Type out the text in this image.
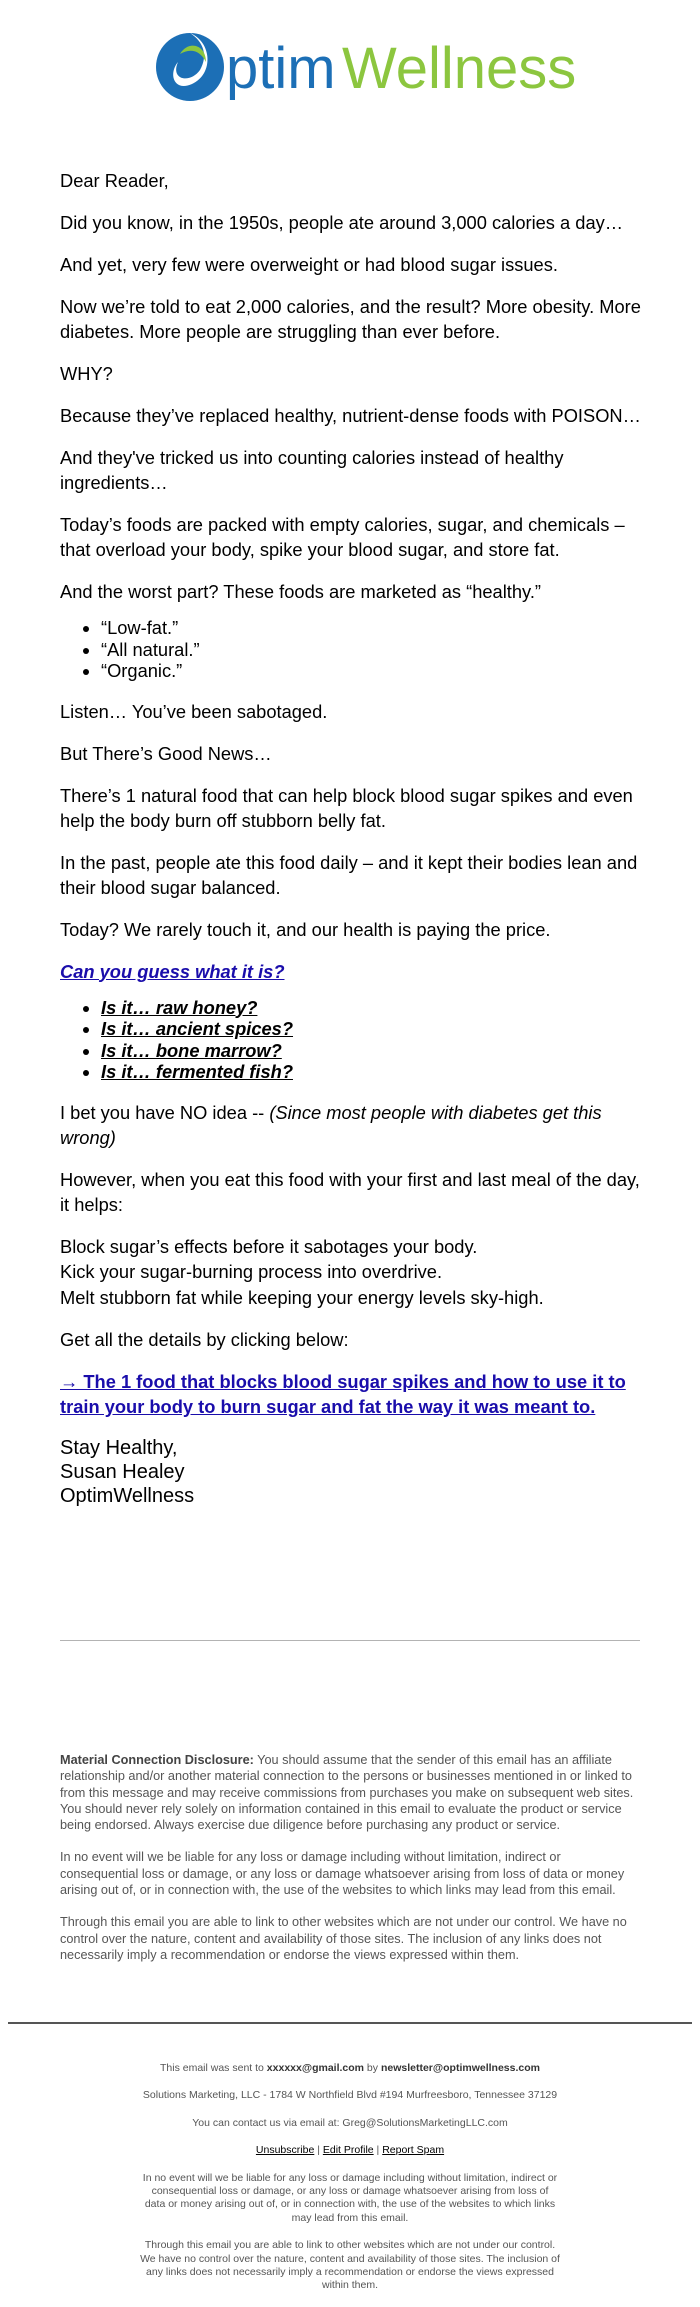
ptim Wellness

Dear Reader,

Did you know, in the 1950s, people ate around 3,000 calories a day…

And yet, very few were overweight or had blood sugar issues.

Now we’re told to eat 2,000 calories, and the result? More obesity. More diabetes. More people are struggling than ever before.

WHY?

Because they’ve replaced healthy, nutrient-dense foods with POISON…

And they've tricked us into counting calories instead of healthy ingredients…

Today’s foods are packed with empty calories, sugar, and chemicals – that overload your body, spike your blood sugar, and store fat.

And the worst part? These foods are marketed as “healthy.”

• “Low-fat.”
• “All natural.”
• “Organic.”

Listen… You’ve been sabotaged.

But There’s Good News…

There’s 1 natural food that can help block blood sugar spikes and even help the body burn off stubborn belly fat.

In the past, people ate this food daily – and it kept their bodies lean and their blood sugar balanced.

Today? We rarely touch it, and our health is paying the price.

Can you guess what it is?

• Is it… raw honey?
• Is it… ancient spices?
• Is it… bone marrow?
• Is it… fermented fish?

I bet you have NO idea -- (Since most people with diabetes get this wrong)

However, when you eat this food with your first and last meal of the day, it helps:

Block sugar’s effects before it sabotages your body.
Kick your sugar-burning process into overdrive.
Melt stubborn fat while keeping your energy levels sky-high.

Get all the details by clicking below:

→ The 1 food that blocks blood sugar spikes and how to use it to train your body to burn sugar and fat the way it was meant to.

Stay Healthy,
Susan Healey
OptimWellness

Material Connection Disclosure: You should assume that the sender of this email has an affiliate relationship and/or another material connection to the persons or businesses mentioned in or linked to from this message and may receive commissions from purchases you make on subsequent web sites. You should never rely solely on information contained in this email to evaluate the product or service being endorsed. Always exercise due diligence before purchasing any product or service.

In no event will we be liable for any loss or damage including without limitation, indirect or consequential loss or damage, or any loss or damage whatsoever arising from loss of data or money arising out of, or in connection with, the use of the websites to which links may lead from this email.

Through this email you are able to link to other websites which are not under our control. We have no control over the nature, content and availability of those sites. The inclusion of any links does not necessarily imply a recommendation or endorse the views expressed within them.

This email was sent to xxxxxx@gmail.com by newsletter@optimwellness.com

Solutions Marketing, LLC - 1784 W Northfield Blvd #194 Murfreesboro, Tennessee 37129

You can contact us via email at: Greg@SolutionsMarketingLLC.com

Unsubscribe | Edit Profile | Report Spam

In no event will we be liable for any loss or damage including without limitation, indirect or consequential loss or damage, or any loss or damage whatsoever arising from loss of data or money arising out of, or in connection with, the use of the websites to which links may lead from this email.

Through this email you are able to link to other websites which are not under our control. We have no control over the nature, content and availability of those sites. The inclusion of any links does not necessarily imply a recommendation or endorse the views expressed within them.
